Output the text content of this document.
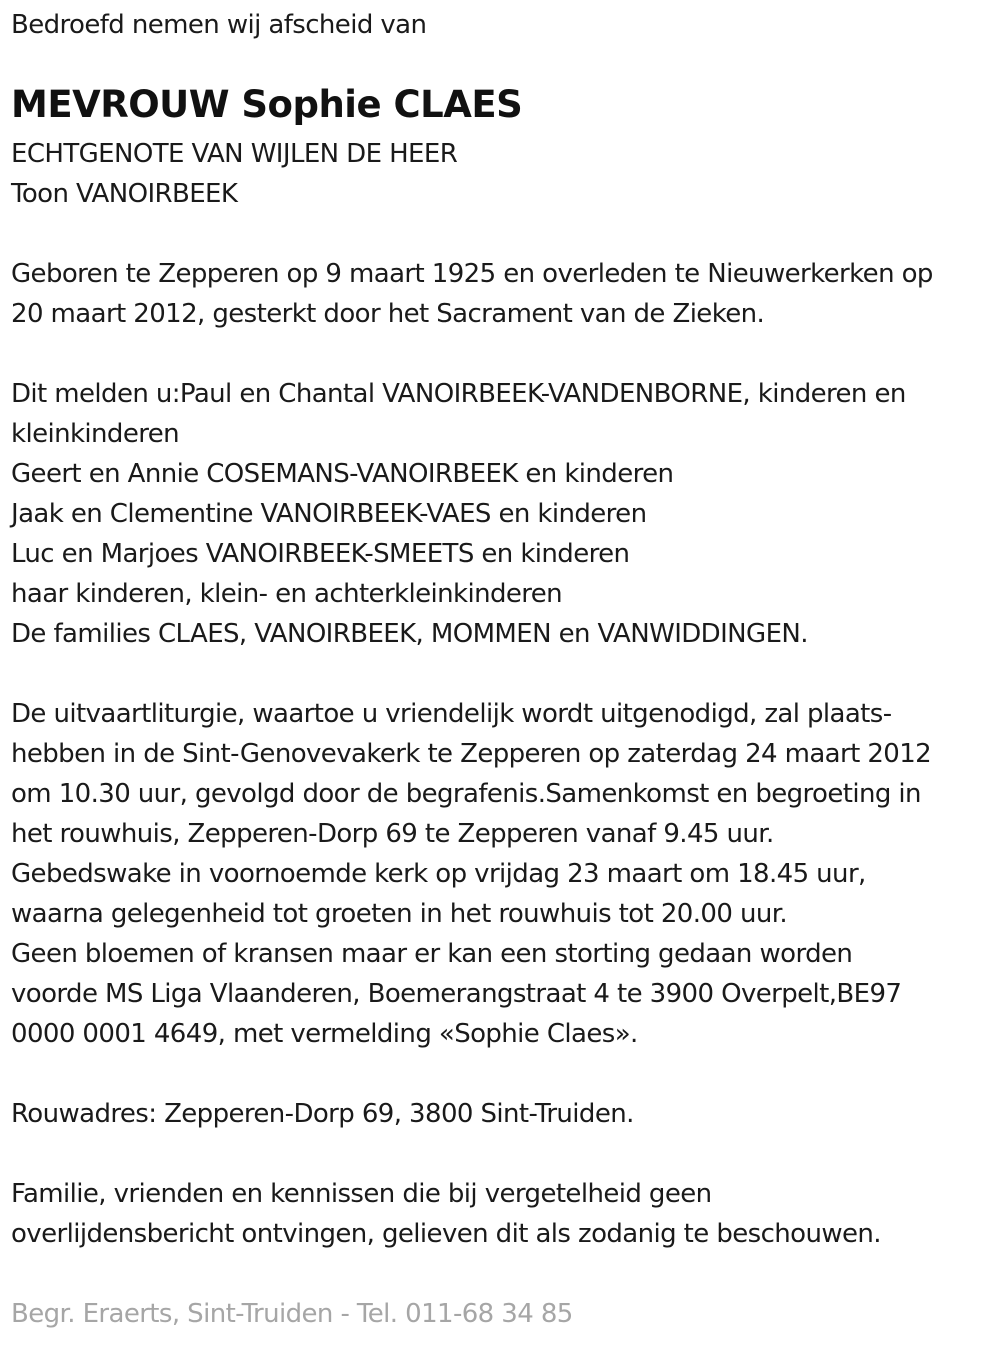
Bedroefd nemen wij afscheid van
MEVROUW Sophie CLAES
ECHTGENOTE VAN WIJLEN DE HEER
Toon VANOIRBEEK
Geboren te Zepperen op 9 maart 1925 en overleden te Nieuwerkerken op
20 maart 2012, gesterkt door het Sacrament van de Zieken.
Dit melden u:Paul en Chantal VANOIRBEEK-VANDENBORNE, kinderen en
kleinkinderen
Geert en Annie COSEMANS-VANOIRBEEK en kinderen
Jaak en Clementine VANOIRBEEK-VAES en kinderen
Luc en Marjoes VANOIRBEEK-SMEETS en kinderen
haar kinderen, klein- en achterkleinkinderen
De families CLAES, VANOIRBEEK, MOMMEN en VANWIDDINGEN.
De uitvaartliturgie, waartoe u vriendelijk wordt uitgenodigd, zal plaats-
hebben in de Sint-Genovevakerk te Zepperen op zaterdag 24 maart 2012
om 10.30 uur, gevolgd door de begrafenis.Samenkomst en begroeting in
het rouwhuis, Zepperen-Dorp 69 te Zepperen vanaf 9.45 uur.
Gebedswake in voornoemde kerk op vrijdag 23 maart om 18.45 uur,
waarna gelegenheid tot groeten in het rouwhuis tot 20.00 uur.
Geen bloemen of kransen maar er kan een storting gedaan worden
voorde MS Liga Vlaanderen, Boemerangstraat 4 te 3900 Overpelt,BE97
0000 0001 4649, met vermelding «Sophie Claes».
Rouwadres: Zepperen-Dorp 69, 3800 Sint-Truiden.
Familie, vrienden en kennissen die bij vergetelheid geen
overlijdensbericht ontvingen, gelieven dit als zodanig te beschouwen.
Begr. Eraerts, Sint-Truiden - Tel. 011-68 34 85
